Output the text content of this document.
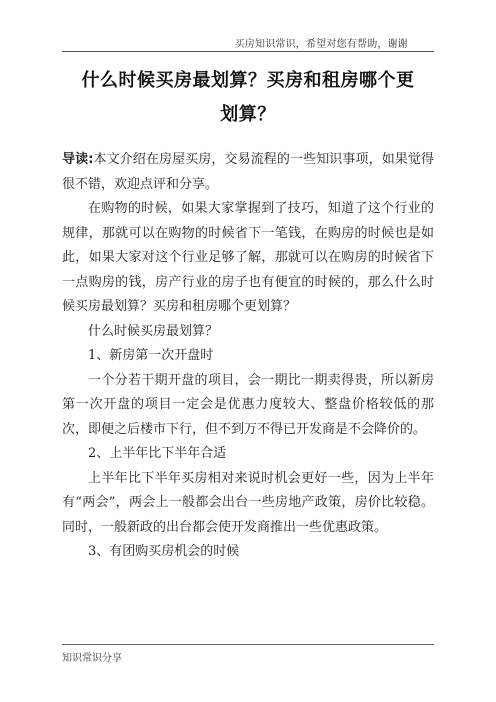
买房知识常识，希望对您有帮助，谢谢
什么时候买房最划算？买房和租房哪个更
划算？

导读:本文介绍在房屋买房，交易流程的一些知识事项，如果觉得很不错，欢迎点评和分享。

在购物的时候，如果大家掌握到了技巧，知道了这个行业的规律，那就可以在购物的时候省下一笔钱，在购房的时候也是如此，如果大家对这个行业足够了解，那就可以在购房的时候省下一点购房的钱，房产行业的房子也有便宜的时候的，那么什么时候买房最划算？买房和租房哪个更划算？

什么时候买房最划算？

1、新房第一次开盘时

一个分若干期开盘的项目，会一期比一期卖得贵，所以新房第一次开盘的项目一定会是优惠力度较大、整盘价格较低的那次，即便之后楼市下行，但不到万不得已开发商是不会降价的。

2、上半年比下半年合适

上半年比下半年买房相对来说时机会更好一些，因为上半年有“两会”，两会上一般都会出台一些房地产政策，房价比较稳。同时，一般新政的出台都会使开发商推出一些优惠政策。

3、有团购买房机会的时候

知识常识分享
